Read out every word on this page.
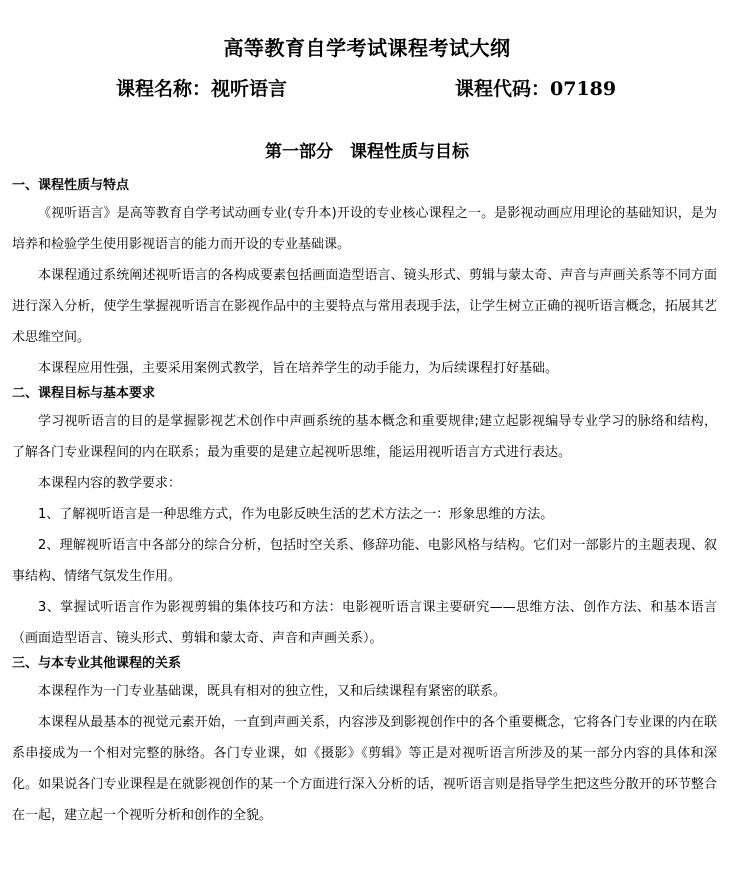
高等教育自学考试课程考试大纲
课程名称：视听语言	课程代码：07189
第一部分　课程性质与目标

一、课程性质与特点

《视听语言》是高等教育自学考试动画专业(专升本)开设的专业核心课程之一。是影视动画应用理论的基础知识，是为培养和检验学生使用影视语言的能力而开设的专业基础课。

本课程通过系统阐述视听语言的各构成要素包括画面造型语言、镜头形式、剪辑与蒙太奇、声音与声画关系等不同方面进行深入分析，使学生掌握视听语言在影视作品中的主要特点与常用表现手法，让学生树立正确的视听语言概念，拓展其艺术思维空间。

本课程应用性强，主要采用案例式教学，旨在培养学生的动手能力，为后续课程打好基础。

二、课程目标与基本要求

学习视听语言的目的是掌握影视艺术创作中声画系统的基本概念和重要规律;建立起影视编导专业学习的脉络和结构，了解各门专业课程间的内在联系；最为重要的是建立起视听思维，能运用视听语言方式进行表达。

本课程内容的教学要求：

1、了解视听语言是一种思维方式，作为电影反映生活的艺术方法之一：形象思维的方法。

2、理解视听语言中各部分的综合分析，包括时空关系、修辞功能、电影风格与结构。它们对一部影片的主题表现、叙事结构、情绪气氛发生作用。

3、掌握试听语言作为影视剪辑的集体技巧和方法：电影视听语言课主要研究——思维方法、创作方法、和基本语言（画面造型语言、镜头形式、剪辑和蒙太奇、声音和声画关系）。

三、与本专业其他课程的关系

本课程作为一门专业基础课，既具有相对的独立性，又和后续课程有紧密的联系。

本课程从最基本的视觉元素开始，一直到声画关系，内容涉及到影视创作中的各个重要概念，它将各门专业课的内在联系串接成为一个相对完整的脉络。各门专业课，如《摄影》《剪辑》等正是对视听语言所涉及的某一部分内容的具体和深化。如果说各门专业课程是在就影视创作的某一个方面进行深入分析的话，视听语言则是指导学生把这些分散开的环节整合在一起，建立起一个视听分析和创作的全貌。
